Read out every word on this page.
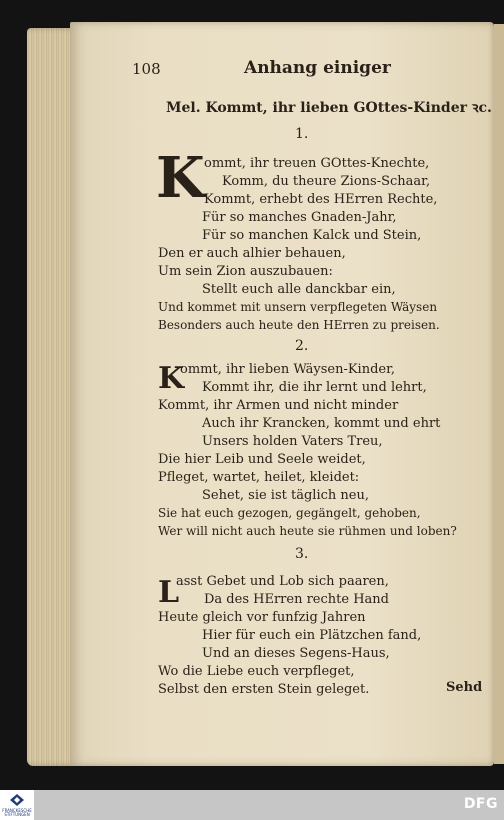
108	Anhang einiger
Mel. Kommt, ihr lieben GOttes-Kinder ꝛc.
1.
K ommt, ihr treuen GOttes-Knechte,
Komm, du theure Zions-Schaar,
Kommt, erhebt des HErren Rechte,
Für so manches Gnaden-Jahr,
Für so manchen Kalck und Stein,
Den er auch alhier behauen,
Um sein Zion auszubauen:
Stellt euch alle danckbar ein,
Und kommet mit unsern verpflegeten Wäysen
Besonders auch heute den HErren zu preisen.
2.
K
ommt, ihr lieben Wäysen-Kinder,
Kommt ihr, die ihr lernt und lehrt,
Kommt, ihr Armen und nicht minder
Auch ihr Krancken, kommt und ehrt
Unsers holden Vaters Treu,
Die hier Leib und Seele weidet,
Pfleget, wartet, heilet, kleidet:
Sehet, sie ist täglich neu,
Sie hat euch gezogen, gegängelt, gehoben,
Wer will nicht auch heute sie rühmen und loben?
3.
L
asst Gebet und Lob sich paaren,
Da des HErren rechte Hand
Heute gleich vor funfzig Jahren
Hier für euch ein Plätzchen fand,
Und an dieses Segens-Haus,
Wo die Liebe euch verpfleget,
Selbst den ersten Stein geleget.	Sehd
FRANCKESCHE STIFTUNGEN
DFG
